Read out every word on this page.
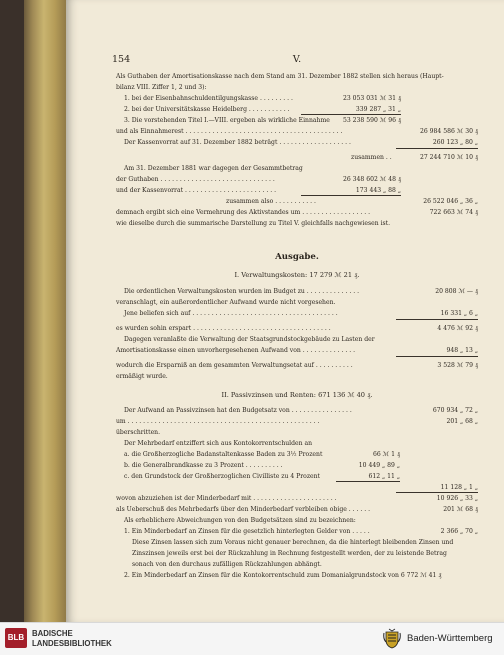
154	V.
Als Guthaben der Amortisationskasse nach dem Stand am 31. Dezember 1882 stellen sich heraus (Haupt-
bilanz VIII. Ziffer 1, 2 und 3):
1. bei der Eisenbahnschuldentilgungskasse . . . . . . . . .	23 053 031 ℳ 31 ₰
2. bei der Universitätskasse Heidelberg . . . . . . . . . . .	339 287 „ 31 „
3. Die vorstehenden Titel I.—VIII. ergeben als wirkliche Einnahme	53 238 590 ℳ 96 ₰
und als Einnahmerest . . . . . . . . . . . . . . . . . . . . . . . . . . . . . . . . . . . . . . . . .	26 984 586 ℳ 30 ₰
Der Kassenvorrat auf 31. Dezember 1882 beträgt . . . . . . . . . . . . . . . . . . .	260 123 „ 80 „
zusammen . .	27 244 710 ℳ 10 ₰
Am 31. Dezember 1881 war dagegen der Gesammtbetrag
der Guthaben . . . . . . . . . . . . . . . . . . . . . . . . . . . . . .	26 348 602 ℳ 48 ₰
und der Kassenvorrat . . . . . . . . . . . . . . . . . . . . . . . .	173 443 „ 88 „
zusammen also . . . . . . . . . . .	26 522 046 „ 36 „
demnach ergibt sich eine Vermehrung des Aktivstandes um . . . . . . . . . . . . . . . . . .	722 663 ℳ 74 ₰
wie dieselbe durch die summarische Darstellung zu Titel V. gleichfalls nachgewiesen ist.
Ausgabe.
I. Verwaltungskosten: 17 279 ℳ 21 ₰.
Die ordentlichen Verwaltungskosten wurden im Budget zu . . . . . . . . . . . . . .	20 808 ℳ — ₰
veranschlagt, ein außerordentlicher Aufwand wurde nicht vorgesehen.
Jene beliefen sich auf . . . . . . . . . . . . . . . . . . . . . . . . . . . . . . . . . . . . . .	16 331 „ 6 „
es wurden sohin erspart . . . . . . . . . . . . . . . . . . . . . . . . . . . . . . . . . . . .	4 476 ℳ 92 ₰
Dagegen veranlaßte die Verwaltung der Staatsgrundstockgebäude zu Lasten der
Amortisationskasse einen unvorhergesehenen Aufwand von . . . . . . . . . . . . . .	948 „ 13 „
wodurch die Ersparniß an dem gesammten Verwaltungsetat auf . . . . . . . . . .	3 528 ℳ 79 ₰
ermäßigt wurde.
II. Passivzinsen und Renten: 671 136 ℳ 40 ₰.
Der Aufwand an Passivzinsen hat den Budgetsatz von . . . . . . . . . . . . . . . .	670 934 „ 72 „
um . . . . . . . . . . . . . . . . . . . . . . . . . . . . . . . . . . . . . . . . . . . . . . . . . .	201 „ 68 „
überschritten.
Der Mehrbedarf entziffert sich aus Kontokorrentschulden an
a. die Großherzogliche Badanstaltenkasse Baden zu 3½ Prozent	66 ℳ 1 ₰
b. die Generalbrandkasse zu 3 Prozent . . . . . . . . . .	10 449 „ 89 „
c. den Grundstock der Großherzoglichen Civilliste zu 4 Prozent	612 „ 11 „
11 128 „ 1 „
wovon abzuziehen ist der Minderbedarf mit . . . . . . . . . . . . . . . . . . . . . .	10 926 „ 33 „
als Ueberschuß des Mehrbedarfs über den Minderbedarf verbleiben obige . . . . . .	201 ℳ 68 ₰
Als erheblichere Abweichungen von den Budgetsätzen sind zu bezeichnen:
1. Ein Minderbedarf an Zinsen für die gesetzlich hinterlegten Gelder von . . . . .	2 366 „ 70 „
Diese Zinsen lassen sich zum Voraus nicht genauer berechnen, da die hinterlegt bleibenden Zinsen und
Zinszinsen jeweils erst bei der Rückzahlung in Rechnung festgestellt werden, der zu leistende Betrag
sonach von den durchaus zufälligen Rückzahlungen abhängt.
2. Ein Minderbedarf an Zinsen für die Kontokorrentschuld zum Domanialgrundstock von 6 772 ℳ 41 ₰
BLB BADISCHE
LANDESBIBLIOTHEK	Baden-Württemberg
